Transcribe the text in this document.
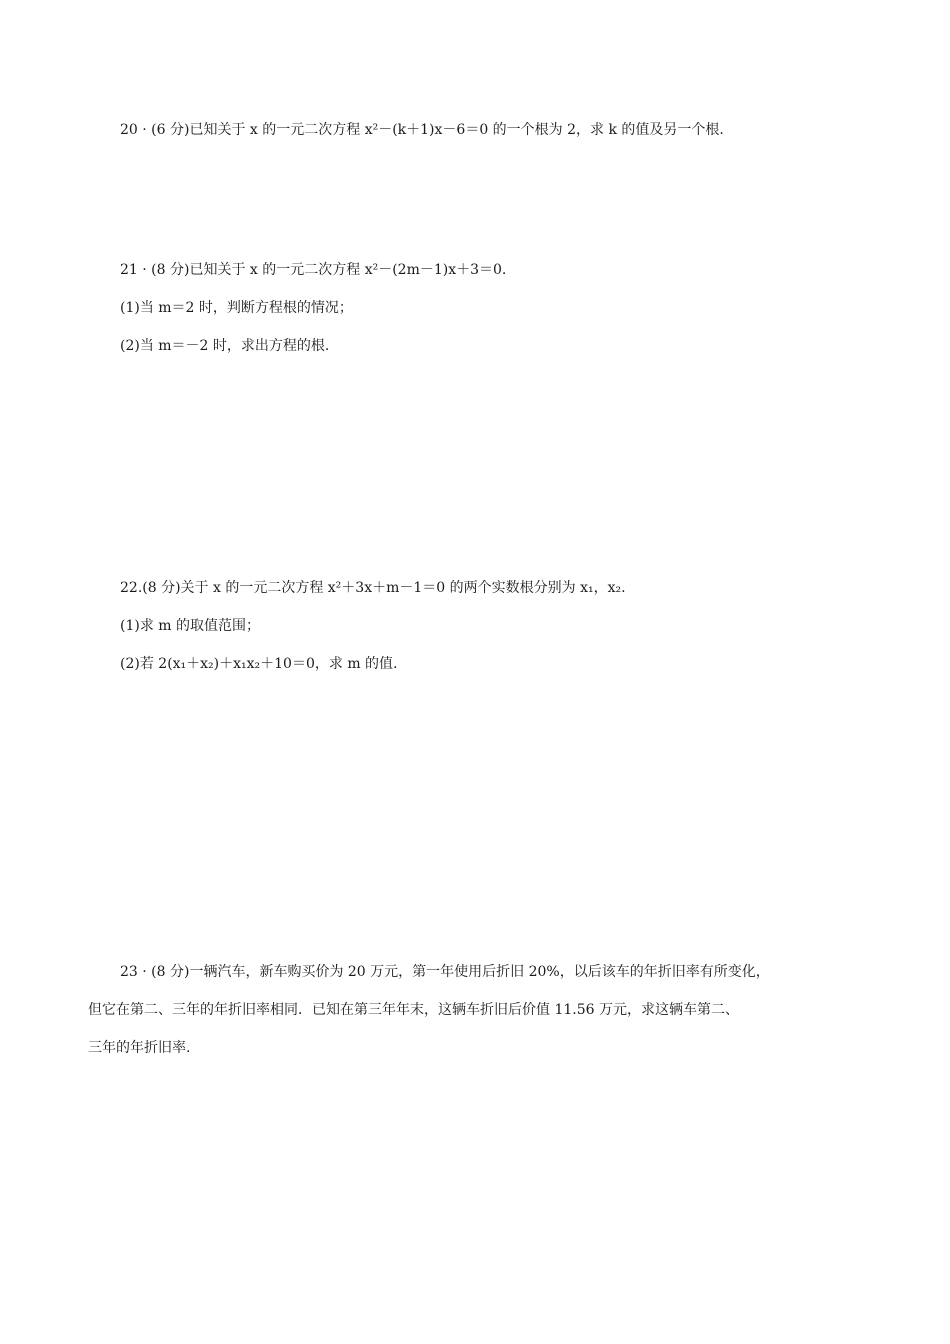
20 · (6 分)已知关于 x 的一元二次方程 x²－(k＋1)x－6＝0 的一个根为 2，求 k 的值及另一个根.
21 · (8 分)已知关于 x 的一元二次方程 x²－(2m－1)x＋3＝0.
(1)当 m＝2 时，判断方程根的情况；
(2)当 m＝－2 时，求出方程的根.
22.(8 分)关于 x 的一元二次方程 x²＋3x＋m－1＝0 的两个实数根分别为 x₁，x₂.
(1)求 m 的取值范围；
(2)若 2(x₁＋x₂)＋x₁x₂＋10＝0，求 m 的值.
23 · (8 分)一辆汽车，新车购买价为 20 万元，第一年使用后折旧 20%，以后该车的年折旧率有所变化，
但它在第二、三年的年折旧率相同．已知在第三年年末，这辆车折旧后价值 11.56 万元，求这辆车第二、
三年的年折旧率.
